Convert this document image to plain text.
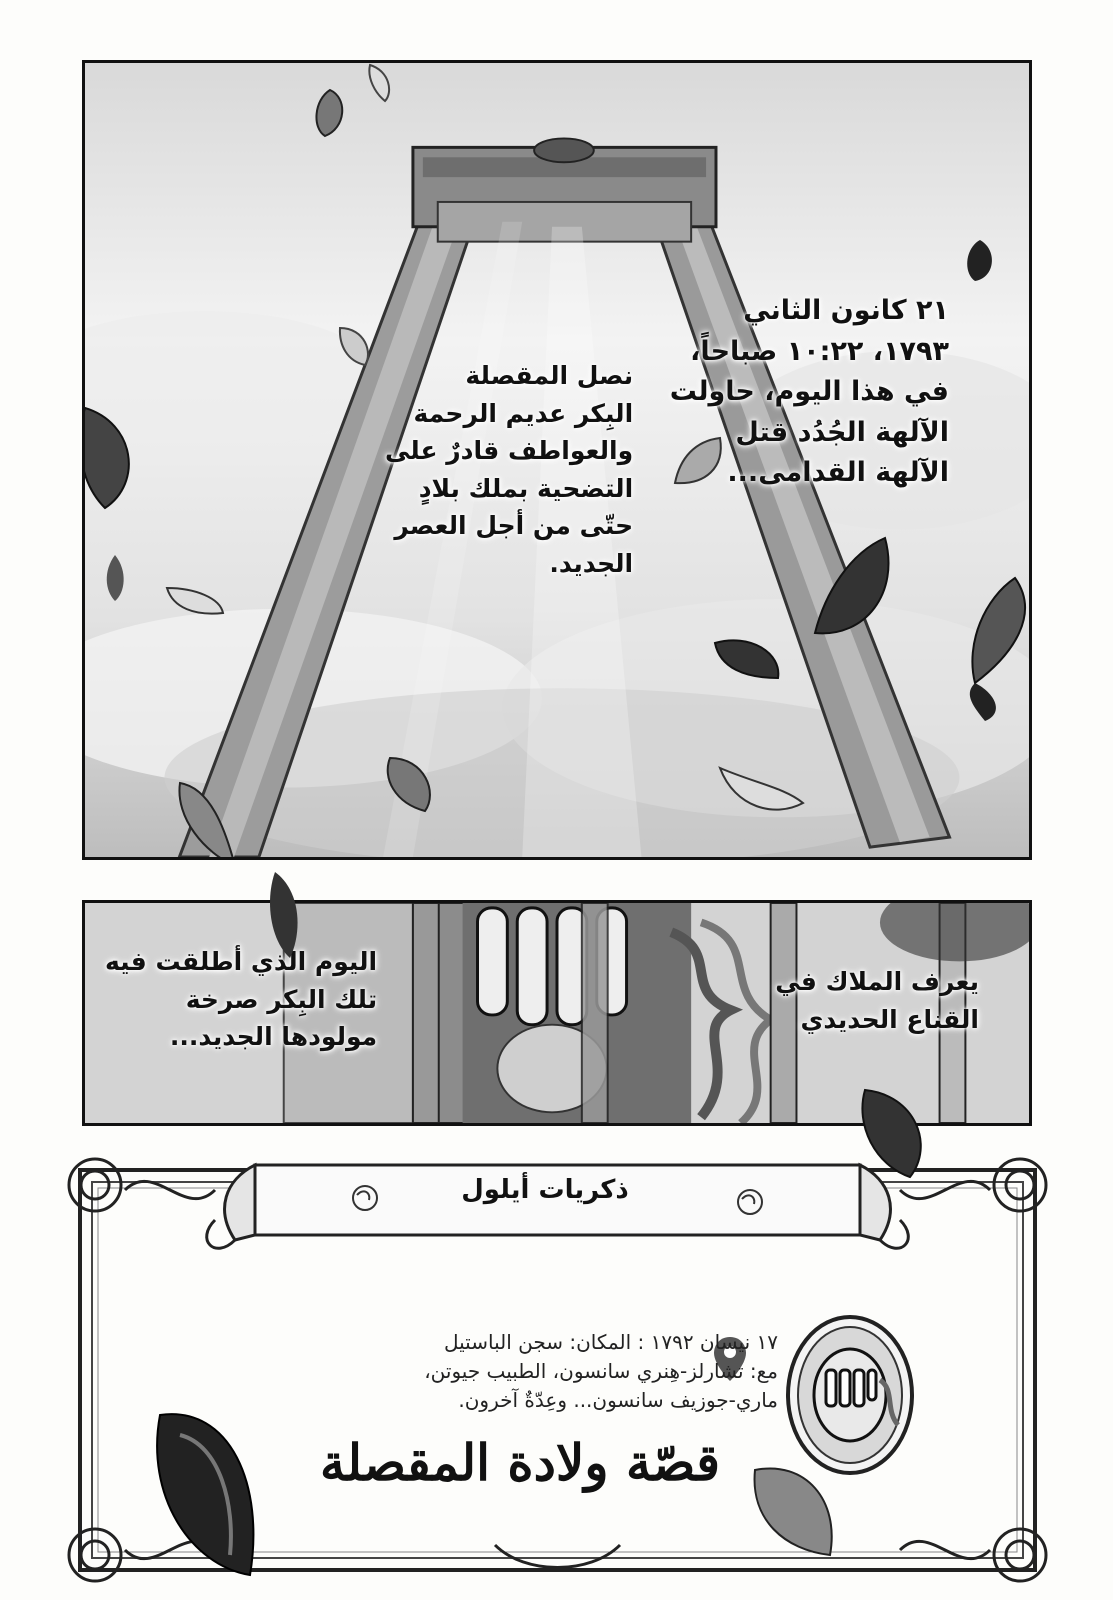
٢١ كانون الثاني
١٧٩٣، ١٠:٢٢ صباحاً،
في هذا اليوم، حاولت
الآلهة الجُدُد قتل
الآلهة القدامى...
نصل المقصلة
البِكر عديم الرحمة
والعواطف قادرٌ على
التضحية بملك بلادٍ
حتّى من أجل العصر
الجديد.
يعرف الملاك في
القناع الحديدي
اليوم الذي أطلقت فيه
تلك البِكر صرخة
مولودها الجديد...
ذكريات أيلول
١٧ نيسان ١٧٩٢ : المكان: سجن الباستيل
مع: تشارلز-هِنري سانسون، الطبيب جيوتن،
ماري-جوزيف سانسون... وعِدّةٌ آخرون.
قصّة ولادة المقصلة
